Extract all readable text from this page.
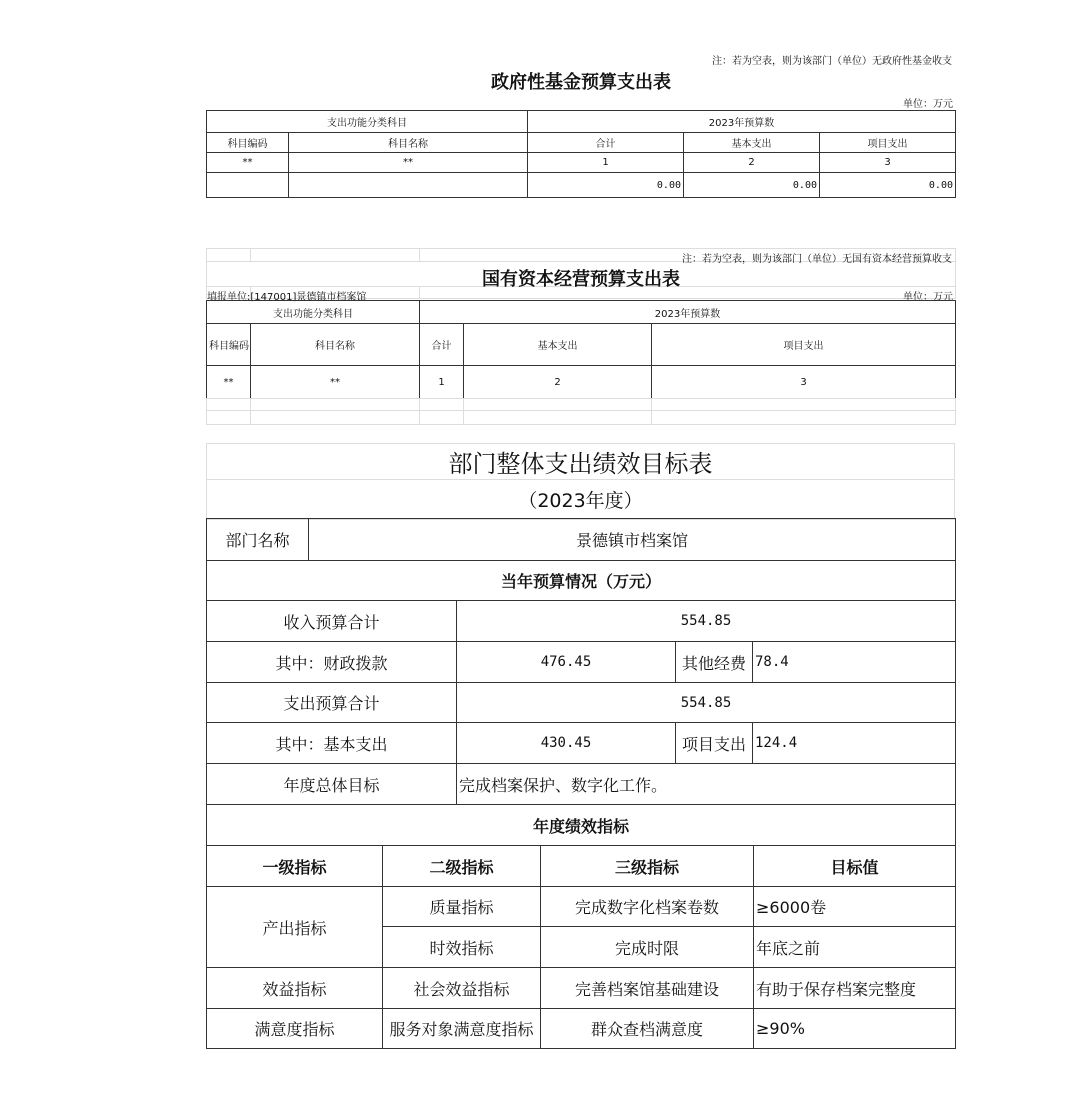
注：若为空表，则为该部门（单位）无政府性基金收支
政府性基金预算支出表
单位：万元
支出功能分类科目		2023年预算数		
科目编码	科目名称	合计	基本支出	项目支出
**	**	1	2	3
		0.00	0.00	0.00

注：若为空表，则为该部门（单位）无国有资本经营预算收支
国有资本经营预算支出表
填报单位:[147001]景德镇市档案馆	单位：万元
支出功能分类科目		2023年预算数		
科目编码	科目名称	合计	基本支出	项目支出
**	**	1	2	3

部门整体支出绩效目标表
（2023年度）
部门名称	景德镇市档案馆			
当年预算情况（万元）				
收入预算合计		554.85		
其中：财政拨款		476.45	其他经费	78.4
支出预算合计		554.85		
其中：基本支出		430.45	项目支出	124.4
年度总体目标		完成档案保护、数字化工作。		
年度绩效指标				
一级指标	二级指标	三级指标	目标值
产出指标	质量指标	完成数字化档案卷数	≥6000卷
	时效指标	完成时限	年底之前
效益指标	社会效益指标	完善档案馆基础建设	有助于保存档案完整度
满意度指标	服务对象满意度指标	群众查档满意度	≥90%
